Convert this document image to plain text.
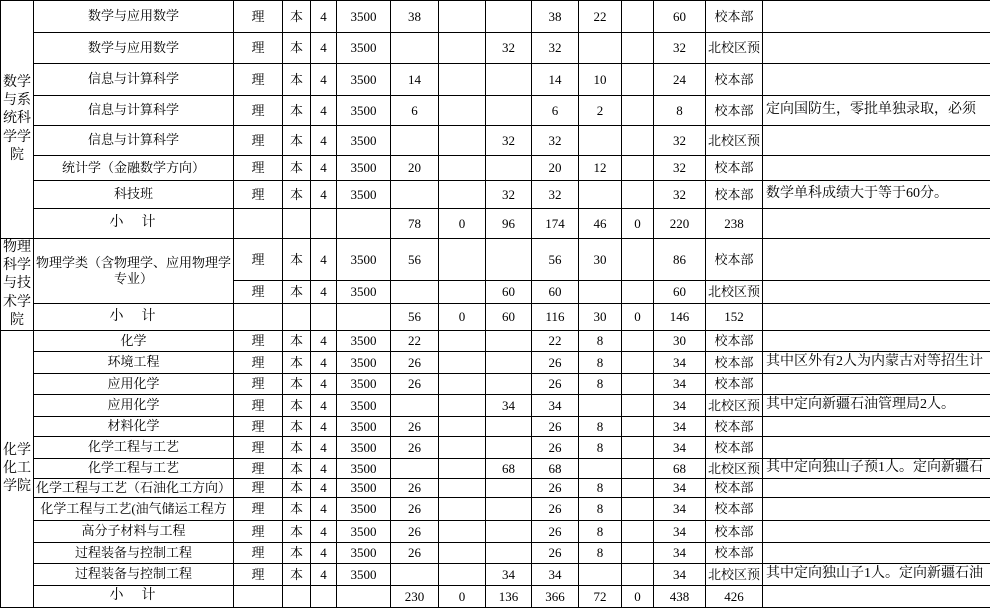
数学与系统科学学院	数学与应用数学	理	本	4	3500	38			38	22		60	校本部	
	数学与应用数学	理	本	4	3500			32	32			32	北校区预	
	信息与计算科学	理	本	4	3500	14			14	10		24	校本部	
	信息与计算科学	理	本	4	3500	6			6	2		8	校本部	定向国防生，零批单独录取，必须
	信息与计算科学	理	本	4	3500			32	32			32	北校区预	
	统计学（金融数学方向）	理	本	4	3500	20			20	12		32	校本部	
	科技班	理	本	4	3500			32	32			32	校本部	数学单科成绩大于等于60分。
	小　计					78	0	96	174	46	0	220	238	
物理科学与技术学院	物理学类（含物理学、应用物理学专业）	理	本	4	3500	56			56	30		86	校本部	
		理	本	4	3500			60	60			60	北校区预	
	小　计					56	0	60	116	30	0	146	152	
化学化工学院	化学	理	本	4	3500	22			22	8		30	校本部	
	环境工程	理	本	4	3500	26			26	8		34	校本部	其中区外有2人为内蒙古对等招生计
	应用化学	理	本	4	3500	26			26	8		34	校本部	
	应用化学	理	本	4	3500			34	34			34	北校区预	其中定向新疆石油管理局2人。
	材料化学	理	本	4	3500	26			26	8		34	校本部	
	化学工程与工艺	理	本	4	3500	26			26	8		34	校本部	
	化学工程与工艺	理	本	4	3500			68	68			68	北校区预	其中定向独山子预1人。定向新疆石
	化学工程与工艺（石油化工方向）	理	本	4	3500	26			26	8		34	校本部	
	化学工程与工艺(油气储运工程方	理	本	4	3500	26			26	8		34	校本部	
	高分子材料与工程	理	本	4	3500	26			26	8		34	校本部	
	过程装备与控制工程	理	本	4	3500	26			26	8		34	校本部	
	过程装备与控制工程	理	本	4	3500			34	34			34	北校区预	其中定向独山子1人。定向新疆石油
	小　计					230	0	136	366	72	0	438	426	
